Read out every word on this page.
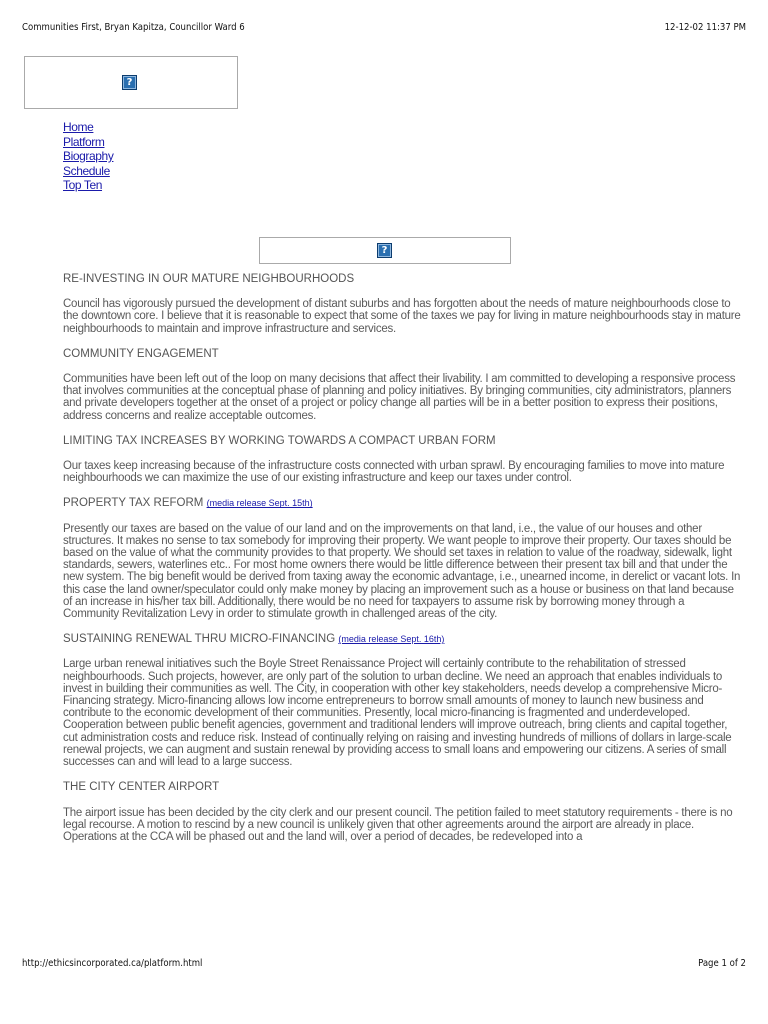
Communities First, Bryan Kapitza, Councillor Ward 6	12-12-02 11:37 PM
?
Home
Platform
Biography
Schedule
Top Ten
?
RE-INVESTING IN OUR MATURE NEIGHBOURHOODS

Council has vigorously pursued the development of distant suburbs and has forgotten about the needs of mature neighbourhoods close to the downtown core. I believe that it is reasonable to expect that some of the taxes we pay for living in mature neighbourhoods stay in mature neighbourhoods to maintain and improve infrastructure and services.

COMMUNITY ENGAGEMENT

Communities have been left out of the loop on many decisions that affect their livability. I am committed to developing a responsive process that involves communities at the conceptual phase of planning and policy initiatives. By bringing communities, city administrators, planners and private developers together at the onset of a project or policy change all parties will be in a better position to express their positions, address concerns and realize acceptable outcomes.

LIMITING TAX INCREASES BY WORKING TOWARDS A COMPACT URBAN FORM

Our taxes keep increasing because of the infrastructure costs connected with urban sprawl. By encouraging families to move into mature neighbourhoods we can maximize the use of our existing infrastructure and keep our taxes under control.

PROPERTY TAX REFORM (media release Sept. 15th)

Presently our taxes are based on the value of our land and on the improvements on that land, i.e., the value of our houses and other structures. It makes no sense to tax somebody for improving their property. We want people to improve their property. Our taxes should be based on the value of what the community provides to that property. We should set taxes in relation to value of the roadway, sidewalk, light standards, sewers, waterlines etc.. For most home owners there would be little difference between their present tax bill and that under the new system. The big benefit would be derived from taxing away the economic advantage, i.e., unearned income, in derelict or vacant lots. In this case the land owner/speculator could only make money by placing an improvement such as a house or business on that land because of an increase in his/her tax bill. Additionally, there would be no need for taxpayers to assume risk by borrowing money through a Community Revitalization Levy in order to stimulate growth in challenged areas of the city.

SUSTAINING RENEWAL THRU MICRO-FINANCING (media release Sept. 16th)

Large urban renewal initiatives such the Boyle Street Renaissance Project will certainly contribute to the rehabilitation of stressed neighbourhoods. Such projects, however, are only part of the solution to urban decline. We need an approach that enables individuals to invest in building their communities as well. The City, in cooperation with other key stakeholders, needs develop a comprehensive Micro-Financing strategy. Micro-financing allows low income entrepreneurs to borrow small amounts of money to launch new business and contribute to the economic development of their communities. Presently, local micro-financing is fragmented and underdeveloped. Cooperation between public benefit agencies, government and traditional lenders will improve outreach, bring clients and capital together, cut administration costs and reduce risk. Instead of continually relying on raising and investing hundreds of millions of dollars in large-scale renewal projects, we can augment and sustain renewal by providing access to small loans and empowering our citizens. A series of small successes can and will lead to a large success.

THE CITY CENTER AIRPORT

The airport issue has been decided by the city clerk and our present council. The petition failed to meet statutory requirements - there is no legal recourse. A motion to rescind by a new council is unlikely given that other agreements around the airport are already in place. Operations at the CCA will be phased out and the land will, over a period of decades, be redeveloped into a

http://ethicsincorporated.ca/platform.html	Page 1 of 2
